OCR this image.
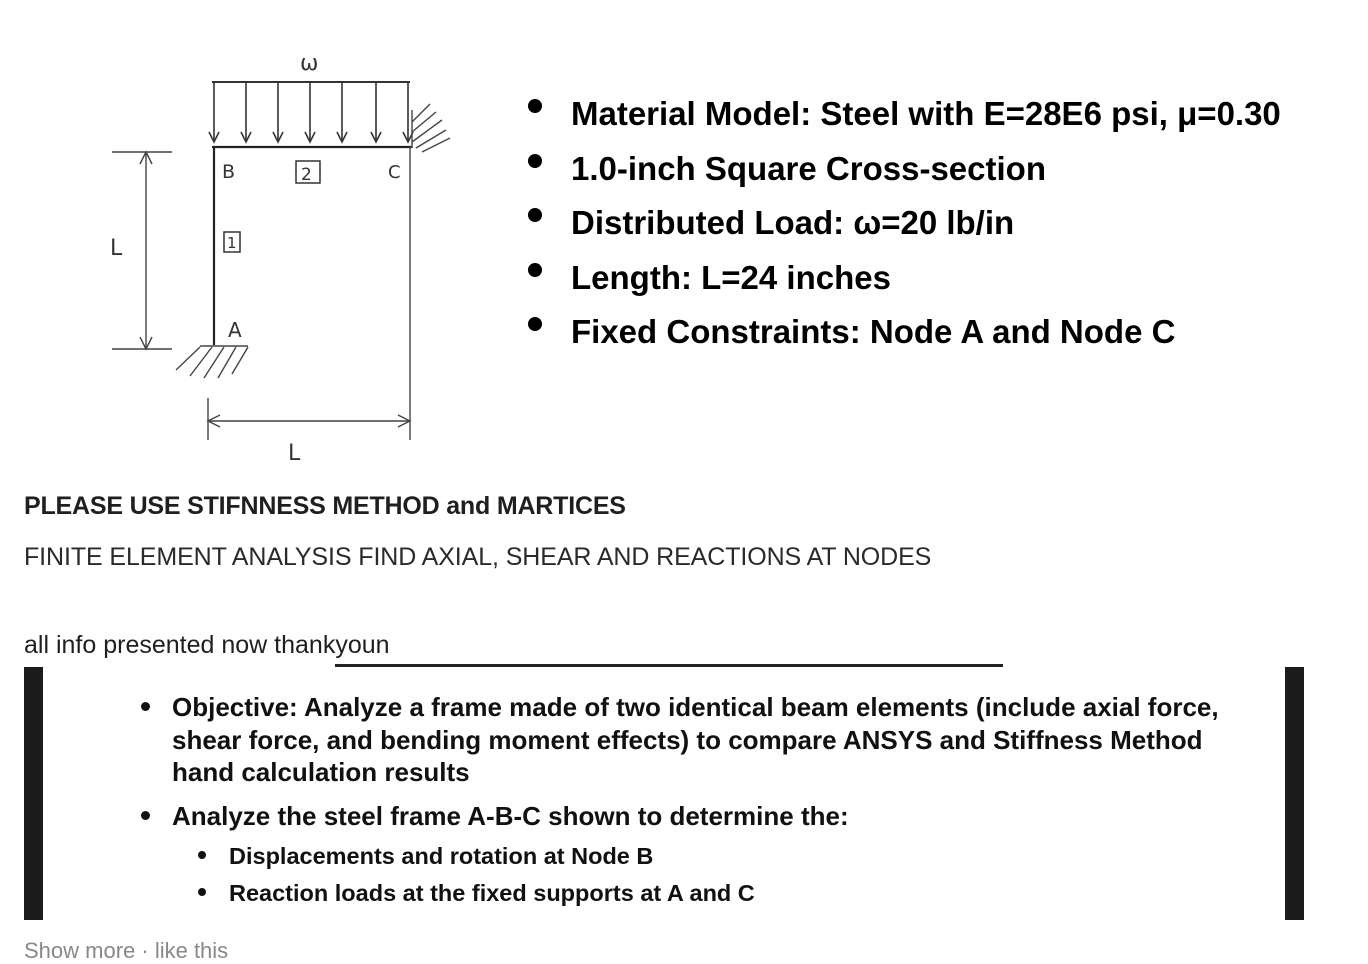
ω
L
L
B	C
A
2
1
Material Model: Steel with E=28E6 psi, μ=0.30
1.0-inch Square Cross-section
Distributed Load: ω=20 lb/in
Length: L=24 inches
Fixed Constraints: Node A and Node C
PLEASE USE STIFNNESS METHOD and MARTICES
FINITE ELEMENT ANALYSIS FIND AXIAL, SHEAR AND REACTIONS AT NODES
all info presented now thankyoun
Objective: Analyze a frame made of two identical beam elements (include axial force, shear force, and bending moment effects) to compare ANSYS and Stiffness Method hand calculation results
Analyze the steel frame A-B-C shown to determine the:
Displacements and rotation at Node B
Reaction loads at the fixed supports at A and C
Show more · like this
